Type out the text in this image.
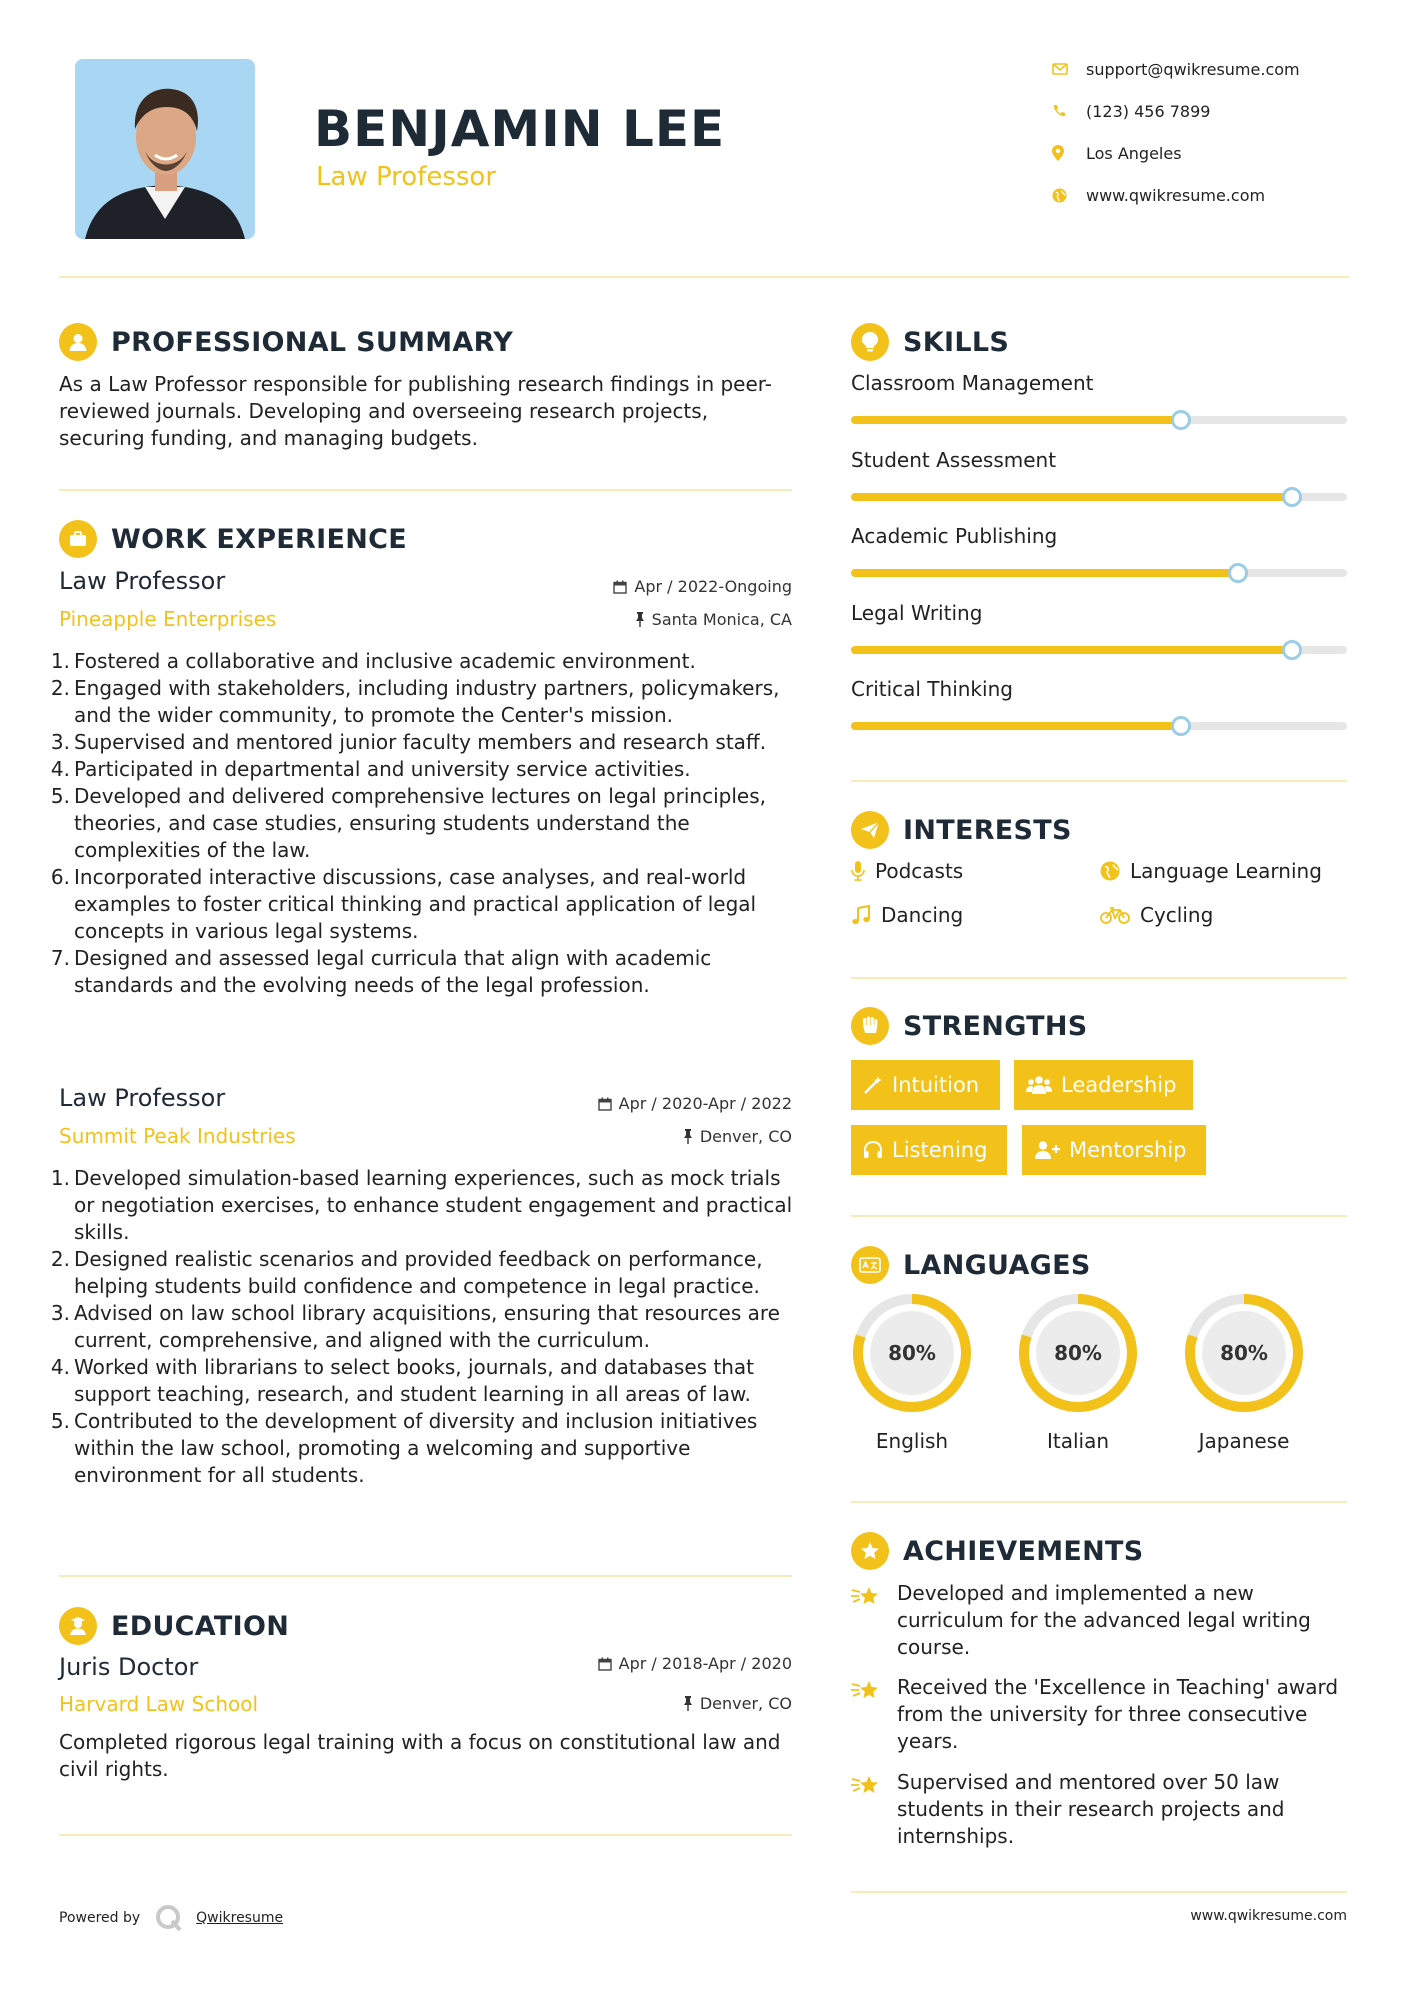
BENJAMIN LEE
Law Professor
support@qwikresume.com
(123) 456 7899
Los Angeles
www.qwikresume.com
PROFESSIONAL SUMMARY
As a Law Professor responsible for publishing research findings in peer-reviewed journals. Developing and overseeing research projects, securing funding, and managing budgets.
WORK EXPERIENCE
Law Professor	Apr / 2022-Ongoing
Pineapple Enterprises	Santa Monica, CA
1. Fostered a collaborative and inclusive academic environment.
2. Engaged with stakeholders, including industry partners, policymakers, and the wider community, to promote the Center's mission.
3. Supervised and mentored junior faculty members and research staff.
4. Participated in departmental and university service activities.
5. Developed and delivered comprehensive lectures on legal principles, theories, and case studies, ensuring students understand the complexities of the law.
6. Incorporated interactive discussions, case analyses, and real-world examples to foster critical thinking and practical application of legal concepts in various legal systems.
7. Designed and assessed legal curricula that align with academic standards and the evolving needs of the legal profession.
Law Professor	Apr / 2020-Apr / 2022
Summit Peak Industries	Denver, CO
1. Developed simulation-based learning experiences, such as mock trials or negotiation exercises, to enhance student engagement and practical skills.
2. Designed realistic scenarios and provided feedback on performance, helping students build confidence and competence in legal practice.
3. Advised on law school library acquisitions, ensuring that resources are current, comprehensive, and aligned with the curriculum.
4. Worked with librarians to select books, journals, and databases that support teaching, research, and student learning in all areas of law.
5. Contributed to the development of diversity and inclusion initiatives within the law school, promoting a welcoming and supportive environment for all students.
EDUCATION
Juris Doctor	Apr / 2018-Apr / 2020
Harvard Law School	Denver, CO
Completed rigorous legal training with a focus on constitutional law and civil rights.
SKILLS
Classroom Management
Student Assessment
Academic Publishing
Legal Writing
Critical Thinking
INTERESTS
Podcasts	Language Learning
Dancing	Cycling
STRENGTHS
Intuition	Leadership
Listening	Mentorship
LANGUAGES
80%
English
80%
Italian
80%
Japanese
ACHIEVEMENTS
Developed and implemented a new curriculum for the advanced legal writing course.
Received the 'Excellence in Teaching' award from the university for three consecutive years.
Supervised and mentored over 50 law students in their research projects and internships.
Powered by	Qwikresume	www.qwikresume.com
